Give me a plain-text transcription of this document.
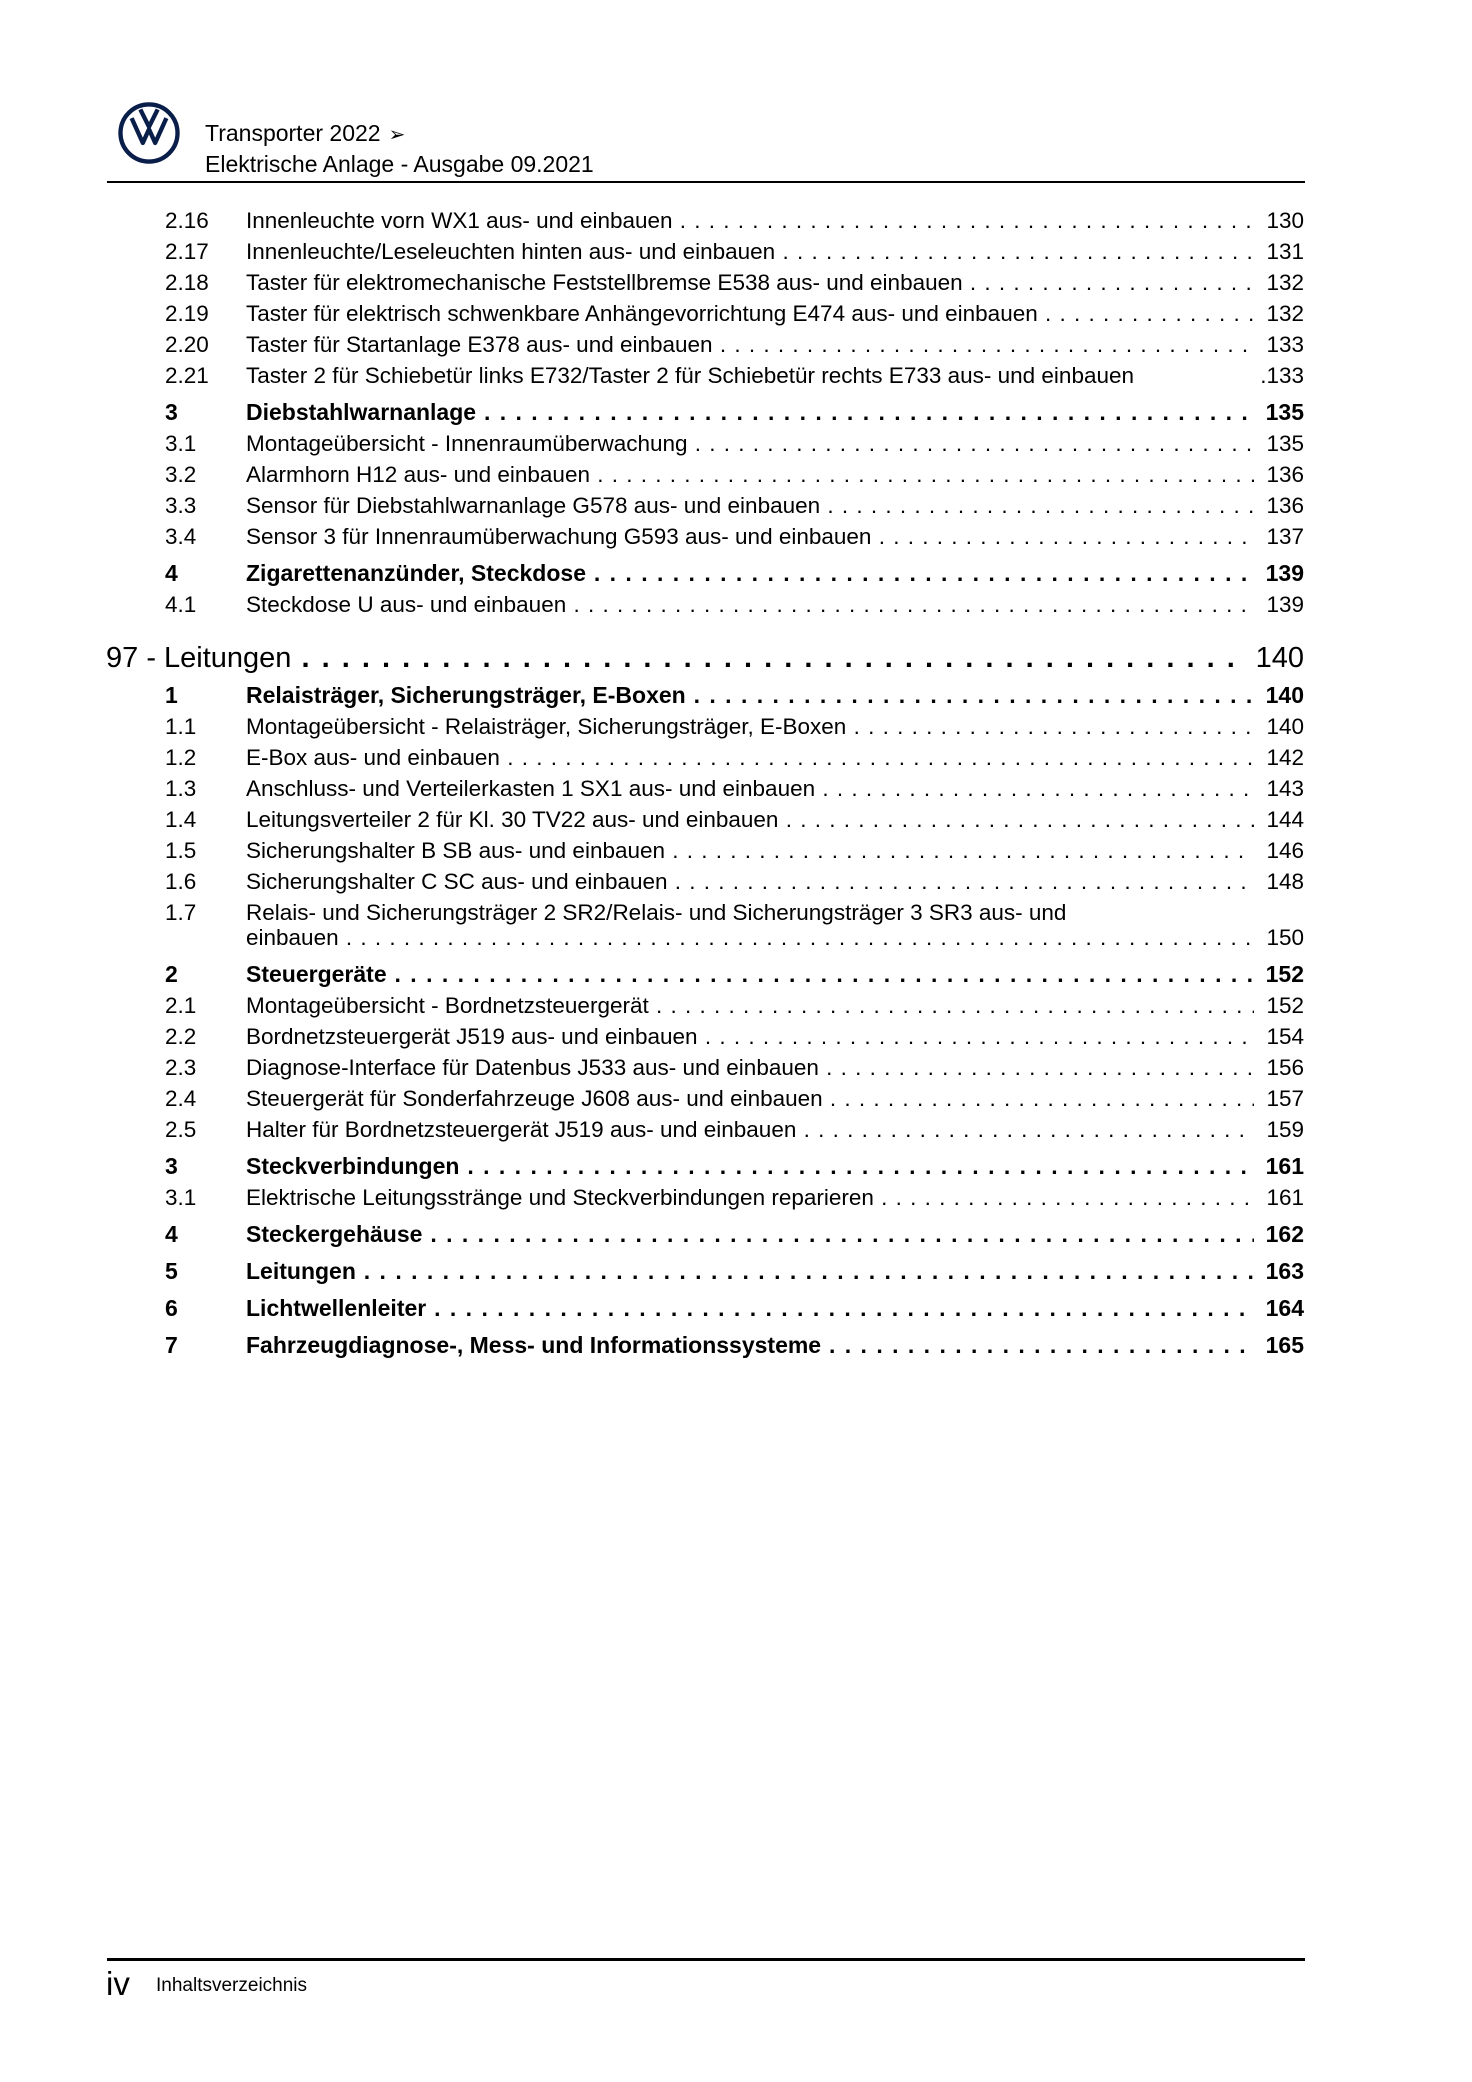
Transporter 2022 ➢
Elektrische Anlage - Ausgabe 09.2021
2.16 Innenleuchte vorn WX1 aus- und einbauen . . .	130
2.17 Innenleuchte/Leseleuchten hinten aus- und einbauen . . .	131
2.18 Taster für elektromechanische Feststellbremse E538 aus- und einbauen . . .	132
2.19 Taster für elektrisch schwenkbare Anhängevorrichtung E474 aus- und einbauen . . .	132
2.20 Taster für Startanlage E378 aus- und einbauen . . .	133
2.21 Taster 2 für Schiebetür links E732/Taster 2 für Schiebetür rechts E733 aus- und einbauen	.133
3	Diebstahlwarnanlage . . .	135
3.1 Montageübersicht - Innenraumüberwachung . . .	135
3.2 Alarmhorn H12 aus- und einbauen . . .	136
3.3 Sensor für Diebstahlwarnanlage G578 aus- und einbauen . . .	136
3.4 Sensor 3 für Innenraumüberwachung G593 aus- und einbauen . . .	137
4	Zigarettenanzünder, Steckdose . . .	139
4.1 Steckdose U aus- und einbauen . . .	139
97 - Leitungen . . .	140
1	Relaisträger, Sicherungsträger, E-Boxen . . .	140
1.1 Montageübersicht - Relaisträger, Sicherungsträger, E-Boxen . . .	140
1.2 E-Box aus- und einbauen . . .	142
1.3 Anschluss- und Verteilerkasten 1 SX1 aus- und einbauen . . .	143
1.4 Leitungsverteiler 2 für Kl. 30 TV22 aus- und einbauen . . .	144
1.5 Sicherungshalter B SB aus- und einbauen . . .	146
1.6 Sicherungshalter C SC aus- und einbauen . . .	148
1.7 Relais- und Sicherungsträger 2 SR2/Relais- und Sicherungsträger 3 SR3 aus- und
einbauen . . .	150
2	Steuergeräte . . .	152
2.1 Montageübersicht - Bordnetzsteuergerät . . .	152
2.2 Bordnetzsteuergerät J519 aus- und einbauen . . .	154
2.3 Diagnose-Interface für Datenbus J533 aus- und einbauen . . .	156
2.4 Steuergerät für Sonderfahrzeuge J608 aus- und einbauen . . .	157
2.5 Halter für Bordnetzsteuergerät J519 aus- und einbauen . . .	159
3	Steckverbindungen . . .	161
3.1 Elektrische Leitungsstränge und Steckverbindungen reparieren . . .	161
4	Steckergehäuse . . .	162
5	Leitungen . . .	163
6	Lichtwellenleiter . . .	164
7	Fahrzeugdiagnose-, Mess- und Informationssysteme . . .	165
iv Inhaltsverzeichnis
